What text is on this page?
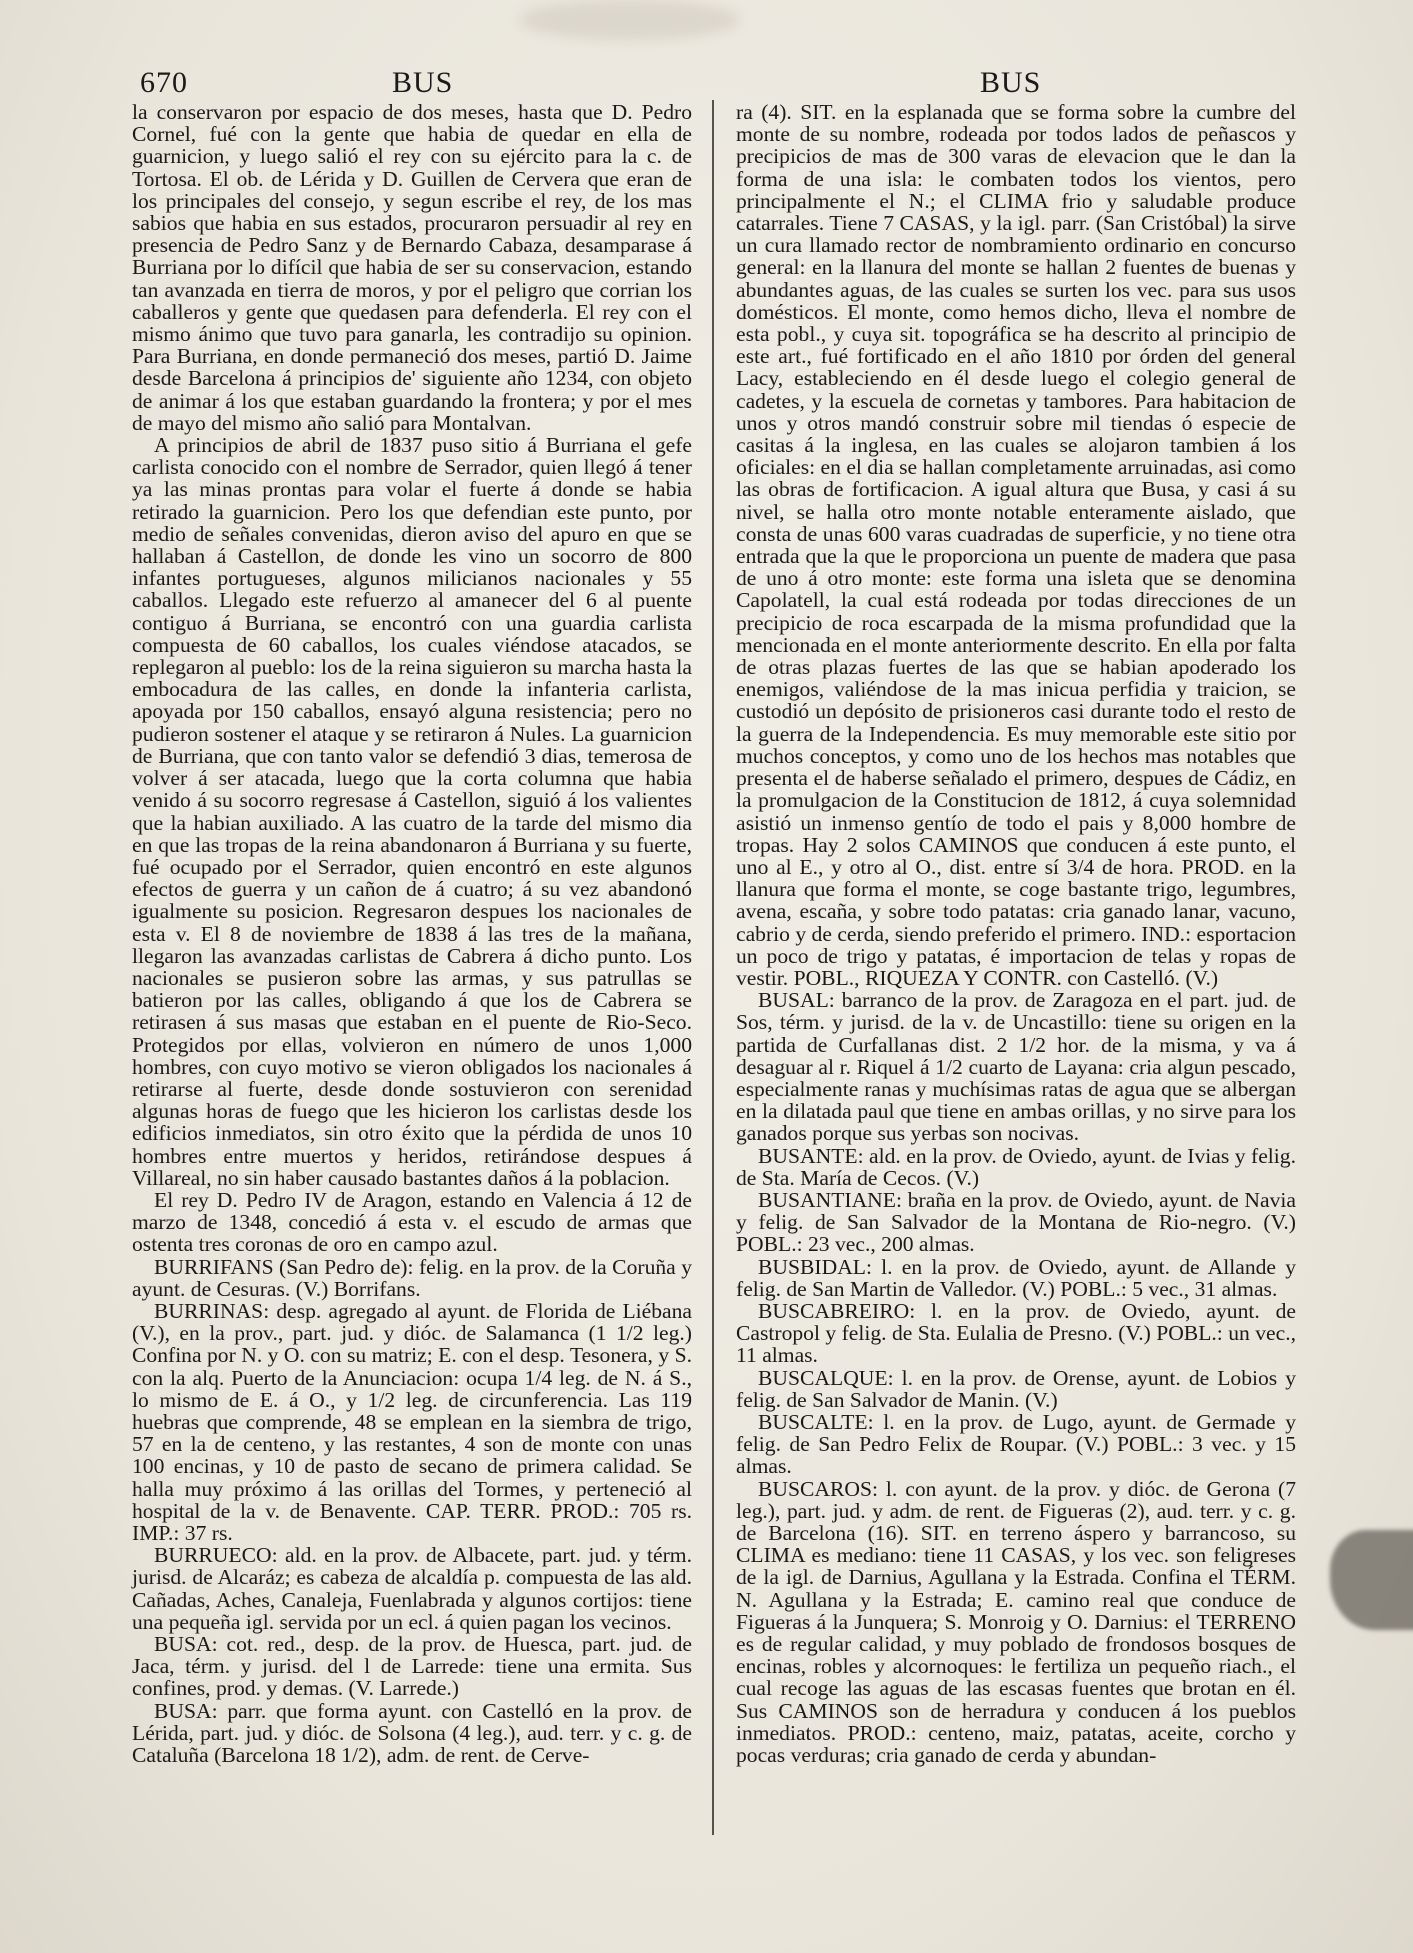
670	BUS	BUS

la conservaron por espacio de dos meses, hasta que D. Pedro Cornel, fué con la gente que habia de quedar en ella de guarnicion, y luego salió el rey con su ejército para la c. de Tortosa. El ob. de Lérida y D. Guillen de Cervera que eran de los principales del consejo, y segun escribe el rey, de los mas sabios que habia en sus estados, procuraron persuadir al rey en presencia de Pedro Sanz y de Bernardo Cabaza, desamparase á Burriana por lo difícil que habia de ser su conservacion, estando tan avanzada en tierra de moros, y por el peligro que corrian los caballeros y gente que quedasen para defenderla. El rey con el mismo ánimo que tuvo para ganarla, les contradijo su opinion. Para Burriana, en donde permaneció dos meses, partió D. Jaime desde Barcelona á principios de' siguiente año 1234, con objeto de animar á los que estaban guardando la frontera; y por el mes de mayo del mismo año salió para Montalvan.

A principios de abril de 1837 puso sitio á Burriana el gefe carlista conocido con el nombre de Serrador, quien llegó á tener ya las minas prontas para volar el fuerte á donde se habia retirado la guarnicion. Pero los que defendian este punto, por medio de señales convenidas, dieron aviso del apuro en que se hallaban á Castellon, de donde les vino un socorro de 800 infantes portugueses, algunos milicianos nacionales y 55 caballos. Llegado este refuerzo al amanecer del 6 al puente contiguo á Burriana, se encontró con una guardia carlista compuesta de 60 caballos, los cuales viéndose atacados, se replegaron al pueblo: los de la reina siguieron su marcha hasta la embocadura de las calles, en donde la infanteria carlista, apoyada por 150 caballos, ensayó alguna resistencia; pero no pudieron sostener el ataque y se retiraron á Nules. La guarnicion de Burriana, que con tanto valor se defendió 3 dias, temerosa de volver á ser atacada, luego que la corta columna que habia venido á su socorro regresase á Castellon, siguió á los valientes que la habian auxiliado. A las cuatro de la tarde del mismo dia en que las tropas de la reina abandonaron á Burriana y su fuerte, fué ocupado por el Serrador, quien encontró en este algunos efectos de guerra y un cañon de á cuatro; á su vez abandonó igualmente su posicion. Regresaron despues los nacionales de esta v. El 8 de noviembre de 1838 á las tres de la mañana, llegaron las avanzadas carlistas de Cabrera á dicho punto. Los nacionales se pusieron sobre las armas, y sus patrullas se batieron por las calles, obligando á que los de Cabrera se retirasen á sus masas que estaban en el puente de Rio-Seco. Protegidos por ellas, volvieron en número de unos 1,000 hombres, con cuyo motivo se vieron obligados los nacionales á retirarse al fuerte, desde donde sostuvieron con serenidad algunas horas de fuego que les hicieron los carlistas desde los edificios inmediatos, sin otro éxito que la pérdida de unos 10 hombres entre muertos y heridos, retirándose despues á Villareal, no sin haber causado bastantes daños á la poblacion.

El rey D. Pedro IV de Aragon, estando en Valencia á 12 de marzo de 1348, concedió á esta v. el escudo de armas que ostenta tres coronas de oro en campo azul.

BURRIFANS (San Pedro de): felig. en la prov. de la Coruña y ayunt. de Cesuras. (V.) Borrifans.

BURRINAS: desp. agregado al ayunt. de Florida de Liébana (V.), en la prov., part. jud. y dióc. de Salamanca (1 1/2 leg.) Confina por N. y O. con su matriz; E. con el desp. Tesonera, y S. con la alq. Puerto de la Anunciacion: ocupa 1/4 leg. de N. á S., lo mismo de E. á O., y 1/2 leg. de circunferencia. Las 119 huebras que comprende, 48 se emplean en la siembra de trigo, 57 en la de centeno, y las restantes, 4 son de monte con unas 100 encinas, y 10 de pasto de secano de primera calidad. Se halla muy próximo á las orillas del Tormes, y perteneció al hospital de la v. de Benavente. CAP. TERR. PROD.: 705 rs. IMP.: 37 rs.

BURRUECO: ald. en la prov. de Albacete, part. jud. y térm. jurisd. de Alcaráz; es cabeza de alcaldía p. compuesta de las ald. Cañadas, Aches, Canaleja, Fuenlabrada y algunos cortijos: tiene una pequeña igl. servida por un ecl. á quien pagan los vecinos.

BUSA: cot. red., desp. de la prov. de Huesca, part. jud. de Jaca, térm. y jurisd. del l de Larrede: tiene una ermita. Sus confines, prod. y demas. (V. Larrede.)

BUSA: parr. que forma ayunt. con Castelló en la prov. de Lérida, part. jud. y dióc. de Solsona (4 leg.), aud. terr. y c. g. de Cataluña (Barcelona 18 1/2), adm. de rent. de Cerve-

ra (4). SIT. en la esplanada que se forma sobre la cumbre del monte de su nombre, rodeada por todos lados de peñascos y precipicios de mas de 300 varas de elevacion que le dan la forma de una isla: le combaten todos los vientos, pero principalmente el N.; el CLIMA frio y saludable produce catarrales. Tiene 7 CASAS, y la igl. parr. (San Cristóbal) la sirve un cura llamado rector de nombramiento ordinario en concurso general: en la llanura del monte se hallan 2 fuentes de buenas y abundantes aguas, de las cuales se surten los vec. para sus usos domésticos. El monte, como hemos dicho, lleva el nombre de esta pobl., y cuya sit. topográfica se ha descrito al principio de este art., fué fortificado en el año 1810 por órden del general Lacy, estableciendo en él desde luego el colegio general de cadetes, y la escuela de cornetas y tambores. Para habitacion de unos y otros mandó construir sobre mil tiendas ó especie de casitas á la inglesa, en las cuales se alojaron tambien á los oficiales: en el dia se hallan completamente arruinadas, asi como las obras de fortificacion. A igual altura que Busa, y casi á su nivel, se halla otro monte notable enteramente aislado, que consta de unas 600 varas cuadradas de superficie, y no tiene otra entrada que la que le proporciona un puente de madera que pasa de uno á otro monte: este forma una isleta que se denomina Capolatell, la cual está rodeada por todas direcciones de un precipicio de roca escarpada de la misma profundidad que la mencionada en el monte anteriormente descrito. En ella por falta de otras plazas fuertes de las que se habian apoderado los enemigos, valiéndose de la mas inicua perfidia y traicion, se custodió un depósito de prisioneros casi durante todo el resto de la guerra de la Independencia. Es muy memorable este sitio por muchos conceptos, y como uno de los hechos mas notables que presenta el de haberse señalado el primero, despues de Cádiz, en la promulgacion de la Constitucion de 1812, á cuya solemnidad asistió un inmenso gentío de todo el pais y 8,000 hombre de tropas. Hay 2 solos CAMINOS que conducen á este punto, el uno al E., y otro al O., dist. entre sí 3/4 de hora. PROD. en la llanura que forma el monte, se coge bastante trigo, legumbres, avena, escaña, y sobre todo patatas: cria ganado lanar, vacuno, cabrio y de cerda, siendo preferido el primero. IND.: esportacion un poco de trigo y patatas, é importacion de telas y ropas de vestir. POBL., RIQUEZA Y CONTR. con Castelló. (V.)

BUSAL: barranco de la prov. de Zaragoza en el part. jud. de Sos, térm. y jurisd. de la v. de Uncastillo: tiene su origen en la partida de Curfallanas dist. 2 1/2 hor. de la misma, y va á desaguar al r. Riquel á 1/2 cuarto de Layana: cria algun pescado, especialmente ranas y muchísimas ratas de agua que se albergan en la dilatada paul que tiene en ambas orillas, y no sirve para los ganados porque sus yerbas son nocivas.

BUSANTE: ald. en la prov. de Oviedo, ayunt. de Ivias y felig. de Sta. María de Cecos. (V.)

BUSANTIANE: braña en la prov. de Oviedo, ayunt. de Navia y felig. de San Salvador de la Montana de Rio-negro. (V.) POBL.: 23 vec., 200 almas.

BUSBIDAL: l. en la prov. de Oviedo, ayunt. de Allande y felig. de San Martin de Valledor. (V.) POBL.: 5 vec., 31 almas.

BUSCABREIRO: l. en la prov. de Oviedo, ayunt. de Castropol y felig. de Sta. Eulalia de Presno. (V.) POBL.: un vec., 11 almas.

BUSCALQUE: l. en la prov. de Orense, ayunt. de Lobios y felig. de San Salvador de Manin. (V.)

BUSCALTE: l. en la prov. de Lugo, ayunt. de Germade y felig. de San Pedro Felix de Roupar. (V.) POBL.: 3 vec. y 15 almas.

BUSCAROS: l. con ayunt. de la prov. y dióc. de Gerona (7 leg.), part. jud. y adm. de rent. de Figueras (2), aud. terr. y c. g. de Barcelona (16). SIT. en terreno áspero y barrancoso, su CLIMA es mediano: tiene 11 CASAS, y los vec. son feligreses de la igl. de Darnius, Agullana y la Estrada. Confina el TÉRM. N. Agullana y la Estrada; E. camino real que conduce de Figueras á la Junquera; S. Monroig y O. Darnius: el TERRENO es de regular calidad, y muy poblado de frondosos bosques de encinas, robles y alcornoques: le fertiliza un pequeño riach., el cual recoge las aguas de las escasas fuentes que brotan en él. Sus CAMINOS son de herradura y conducen á los pueblos inmediatos. PROD.: centeno, maiz, patatas, aceite, corcho y pocas verduras; cria ganado de cerda y abundan-
